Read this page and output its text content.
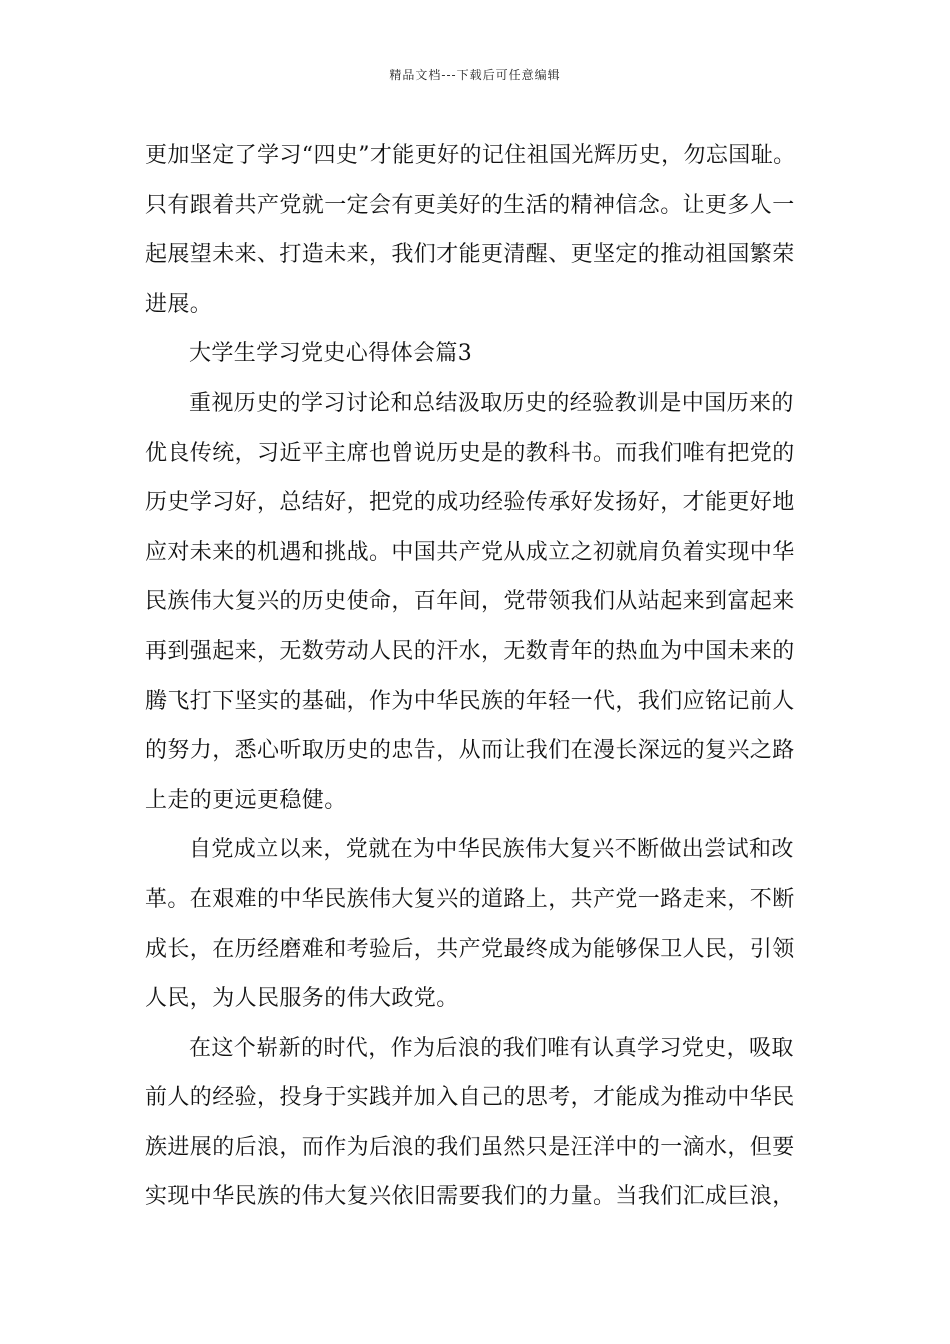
精品文档---下载后可任意编辑
更加坚定了学习“四史”才能更好的记住祖国光辉历史，勿忘国耻。
只有跟着共产党就一定会有更美好的生活的精神信念。让更多人一
起展望未来、打造未来，我们才能更清醒、更坚定的推动祖国繁荣
进展。
大学生学习党史心得体会篇3
重视历史的学习讨论和总结汲取历史的经验教训是中国历来的
优良传统，习近平主席也曾说历史是的教科书。而我们唯有把党的
历史学习好，总结好，把党的成功经验传承好发扬好，才能更好地
应对未来的机遇和挑战。中国共产党从成立之初就肩负着实现中华
民族伟大复兴的历史使命，百年间，党带领我们从站起来到富起来
再到强起来，无数劳动人民的汗水，无数青年的热血为中国未来的
腾飞打下坚实的基础，作为中华民族的年轻一代，我们应铭记前人
的努力，悉心听取历史的忠告，从而让我们在漫长深远的复兴之路
上走的更远更稳健。
自党成立以来，党就在为中华民族伟大复兴不断做出尝试和改
革。在艰难的中华民族伟大复兴的道路上，共产党一路走来，不断
成长，在历经磨难和考验后，共产党最终成为能够保卫人民，引领
人民，为人民服务的伟大政党。
在这个崭新的时代，作为后浪的我们唯有认真学习党史，吸取
前人的经验，投身于实践并加入自己的思考，才能成为推动中华民
族进展的后浪，而作为后浪的我们虽然只是汪洋中的一滴水，但要
实现中华民族的伟大复兴依旧需要我们的力量。当我们汇成巨浪，
